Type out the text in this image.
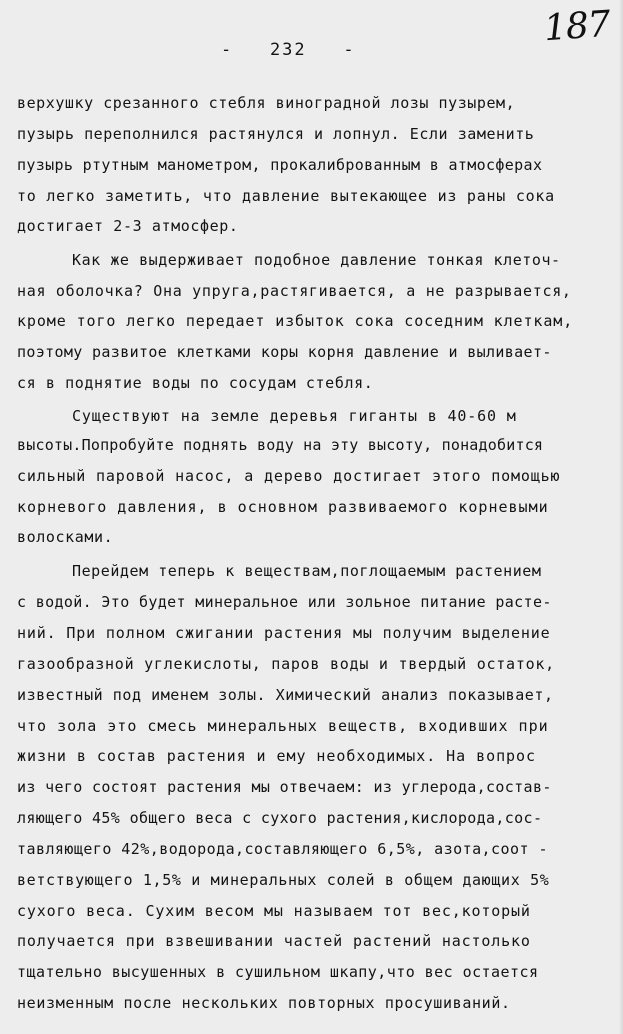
187
-   232   -
верхушку срезанного стебля виноградной лозы пузырем,
пузырь переполнился растянулся и лопнул. Если заменить
пузырь ртутным манометром, прокалиброванным в атмосферах
то легко заметить, что давление вытекающее из раны сока
достигает 2-3 атмосфер.
Как же выдерживает подобное давление тонкая клеточ-
ная оболочка? Она упруга,растягивается, а не разрывается,
кроме того легко передает избыток сока соседним клеткам,
поэтому развитое клетками коры корня давление и выливает-
ся в поднятие воды по сосудам стебля.
Существуют на земле деревья гиганты в 40-60 м
высоты.Попробуйте поднять воду на эту высоту, понадобится
сильный паровой насос, а дерево достигает этого помощью
корневого давления, в основном развиваемого корневыми
волосками.
Перейдем теперь к веществам,поглощаемым растением
с водой. Это будет минеральное или зольное питание расте-
ний. При полном сжигании растения мы получим выделение
газообразной углекислоты, паров воды и твердый остаток,
известный под именем золы. Химический анализ показывает,
что зола это смесь минеральных веществ, входивших при
жизни в состав растения и ему необходимых. На вопрос
из чего состоят растения мы отвечаем: из углерода,состав-
ляющего 45% общего веса с сухого растения,кислорода,сос-
тавляющего 42%,водорода,составляющего 6,5%, азота,соот -
ветствующего 1,5% и минеральных солей в общем дающих 5%
сухого веса. Сухим весом мы называем тот вес,который
получается при взвешивании частей растений настолько
тщательно высушенных в сушильном шкапу,что вес остается
неизменным после нескольких повторных просушиваний.
